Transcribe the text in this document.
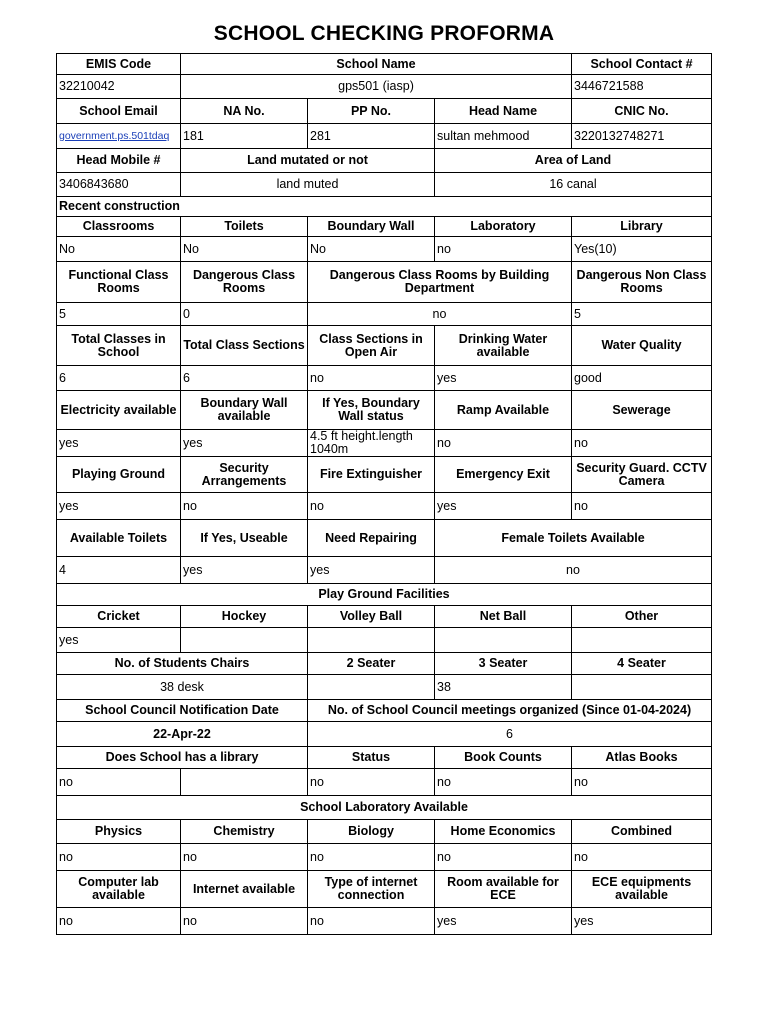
SCHOOL CHECKING PROFORMA
EMIS Code	School Name			School Contact #
32210042	gps501 (iasp)			3446721588
School Email	NA No.	PP No.	Head Name	CNIC No.

government.ps.501tdaq	181	281	sultan mehmood	3220132748271
Head Mobile #	Land mutated or not		Area of Land	
3406843680	land muted		16 canal	
Recent construction				
Classrooms	Toilets	Boundary Wall	Laboratory	Library
No	No	No	no	Yes(10)
Functional Class Rooms	Dangerous Class Rooms	Dangerous Class Rooms by Building Department		Dangerous Non Class Rooms
5	0	no		5
Total Classes in School	Total Class Sections	Class Sections in Open Air	Drinking Water available	Water Quality
6	6	no	yes	good
Electricity available	Boundary Wall available	If Yes, Boundary Wall status	Ramp Available	Sewerage
yes	yes	4.5 ft height.length 1040m	no	no
Playing Ground	Security Arrangements	Fire Extinguisher	Emergency Exit	Security Guard. CCTV Camera
yes	no	no	yes	no
Available Toilets	If Yes, Useable	Need Repairing	Female Toilets Available	
4	yes	yes	no	
Play Ground Facilities				
Cricket	Hockey	Volley Ball	Net Ball	Other
yes				
No. of Students Chairs		2 Seater	3 Seater	4 Seater
38 desk			38	
School Council Notification Date		No. of School Council meetings organized (Since 01-04-2024)		
22-Apr-22		6		
Does School has a library		Status	Book Counts	Atlas Books
no		no	no	no
School Laboratory Available				
Physics	Chemistry	Biology	Home Economics	Combined
no	no	no	no	no
Computer lab available	Internet available	Type of internet connection	Room available for ECE	ECE equipments available
no	no	no	yes	yes
